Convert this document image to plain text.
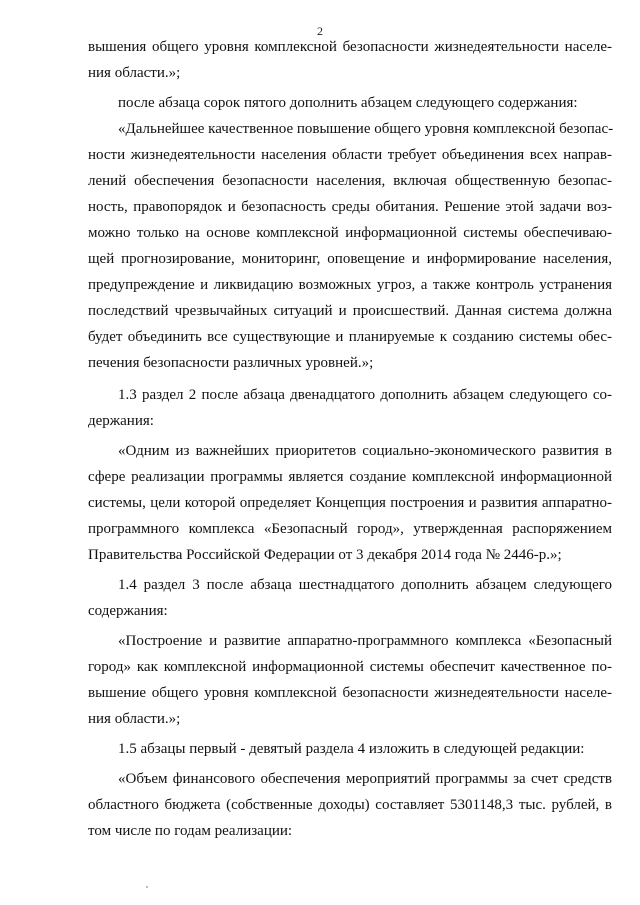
2
вышения общего уровня комплексной безопасности жизнедеятельности населе-
ния области.»;
после абзаца сорок пятого дополнить абзацем следующего содержания:
«Дальнейшее качественное повышение общего уровня комплексной безопас-
ности жизнедеятельности населения области требует объединения всех направ-
лений обеспечения безопасности населения, включая общественную безопас-
ность, правопорядок и безопасность среды обитания. Решение этой задачи воз-
можно только на основе комплексной информационной системы обеспечиваю-
щей прогнозирование, мониторинг, оповещение и информирование населения,
предупреждение и ликвидацию возможных угроз, а также контроль устранения
последствий чрезвычайных ситуаций и происшествий. Данная система должна
будет объединить все существующие и планируемые к созданию системы обес-
печения безопасности различных уровней.»;
1.3 раздел 2 после абзаца двенадцатого дополнить абзацем следующего со-
держания:
«Одним из важнейших приоритетов социально-экономического развития в
сфере реализации программы является создание комплексной информационной
системы, цели которой определяет Концепция построения и развития аппаратно-
программного комплекса «Безопасный город», утвержденная распоряжением
Правительства Российской Федерации от 3 декабря 2014 года № 2446-р.»;
1.4 раздел 3 после абзаца шестнадцатого дополнить абзацем следующего
содержания:
«Построение и развитие аппаратно-программного комплекса «Безопасный
город» как комплексной информационной системы обеспечит качественное по-
вышение общего уровня комплексной безопасности жизнедеятельности населе-
ния области.»;
1.5 абзацы первый - девятый раздела 4 изложить в следующей редакции:
«Объем финансового обеспечения мероприятий программы за счет средств
областного бюджета (собственные доходы) составляет 5301148,3 тыс. рублей, в
том числе по годам реализации:
